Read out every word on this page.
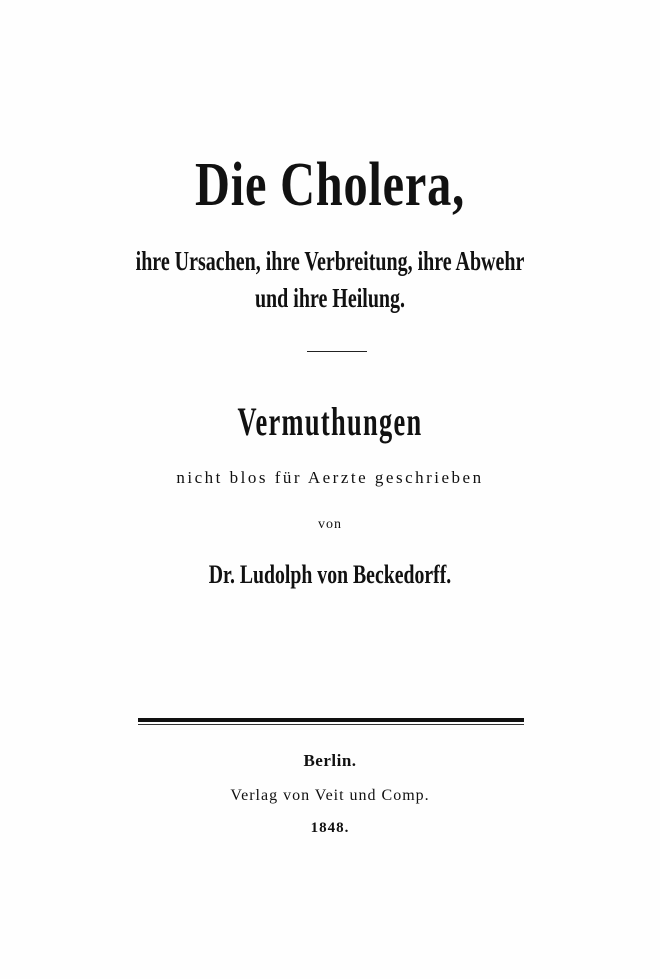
Die Cholera,
ihre Ursachen, ihre Verbreitung, ihre Abwehr
und ihre Heilung.
Vermuthungen
nicht blos für Aerzte geschrieben
von
Dr. Ludolph von Beckedorff.
Berlin.
Verlag von Veit und Comp.
1848.
